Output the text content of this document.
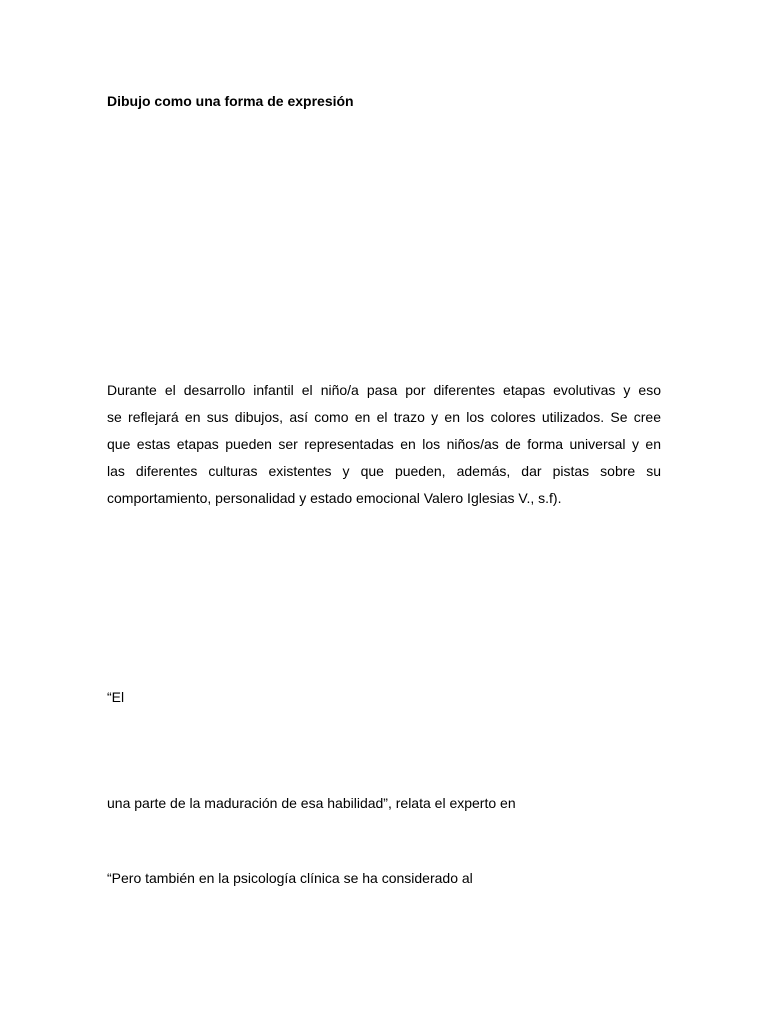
Dibujo como una forma de expresión

Durante el desarrollo infantil el niño/a pasa por diferentes etapas evolutivas y eso
se reflejará en sus dibujos, así como en el trazo y en los colores utilizados. Se cree
que estas etapas pueden ser representadas en los niños/as de forma universal y en
las diferentes culturas existentes y que pueden, además, dar pistas sobre su
comportamiento, personalidad y estado emocional Valero Iglesias V., s.f).

“El

una parte de la maduración de esa habilidad”, relata el experto en

“Pero también en la psicología clínica se ha considerado al
